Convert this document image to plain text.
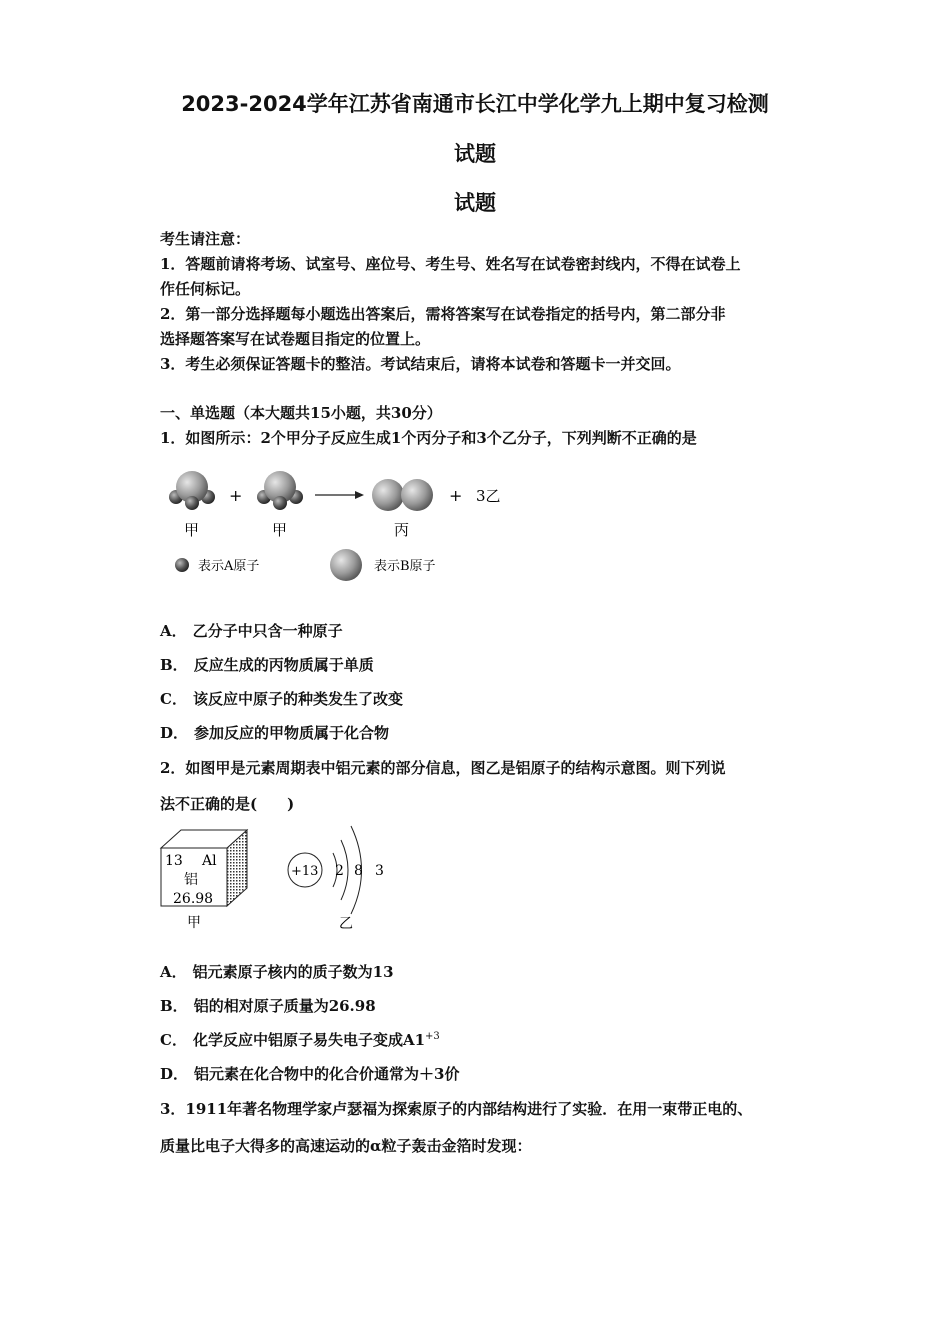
2023-2024学年江苏省南通市长江中学化学九上期中复习检测
试题
试题
考生请注意：
1．答题前请将考场、试室号、座位号、考生号、姓名写在试卷密封线内，不得在试卷上
作任何标记。
2．第一部分选择题每小题选出答案后，需将答案写在试卷指定的括号内，第二部分非
选择题答案写在试卷题目指定的位置上。
3．考生必须保证答题卡的整洁。考试结束后，请将本试卷和答题卡一并交回。
一、单选题（本大题共15小题，共30分）
1．如图所示：2个甲分子反应生成1个丙分子和3个乙分子，下列判断不正确的是
+	+ 3乙
甲	甲	丙
表示A原子	表示B原子
A． 乙分子中只含一种原子
B． 反应生成的丙物质属于单质
C． 该反应中原子的种类发生了改变
D． 参加反应的甲物质属于化合物
2．如图甲是元素周期表中铝元素的部分信息，图乙是铝原子的结构示意图。则下列说
法不正确的是(　　)
13 Al
铝
26.98
甲
+13 2 8 3
乙
A． 铝元素原子核内的质子数为13
B． 铝的相对原子质量为26.98
C． 化学反应中铝原子易失电子变成$A1^{+3}$
D． 铝元素在化合物中的化合价通常为＋3价
3．1911年著名物理学家卢瑟福为探索原子的内部结构进行了实验．在用一束带正电的、
质量比电子大得多的高速运动的α粒子轰击金箔时发现：
